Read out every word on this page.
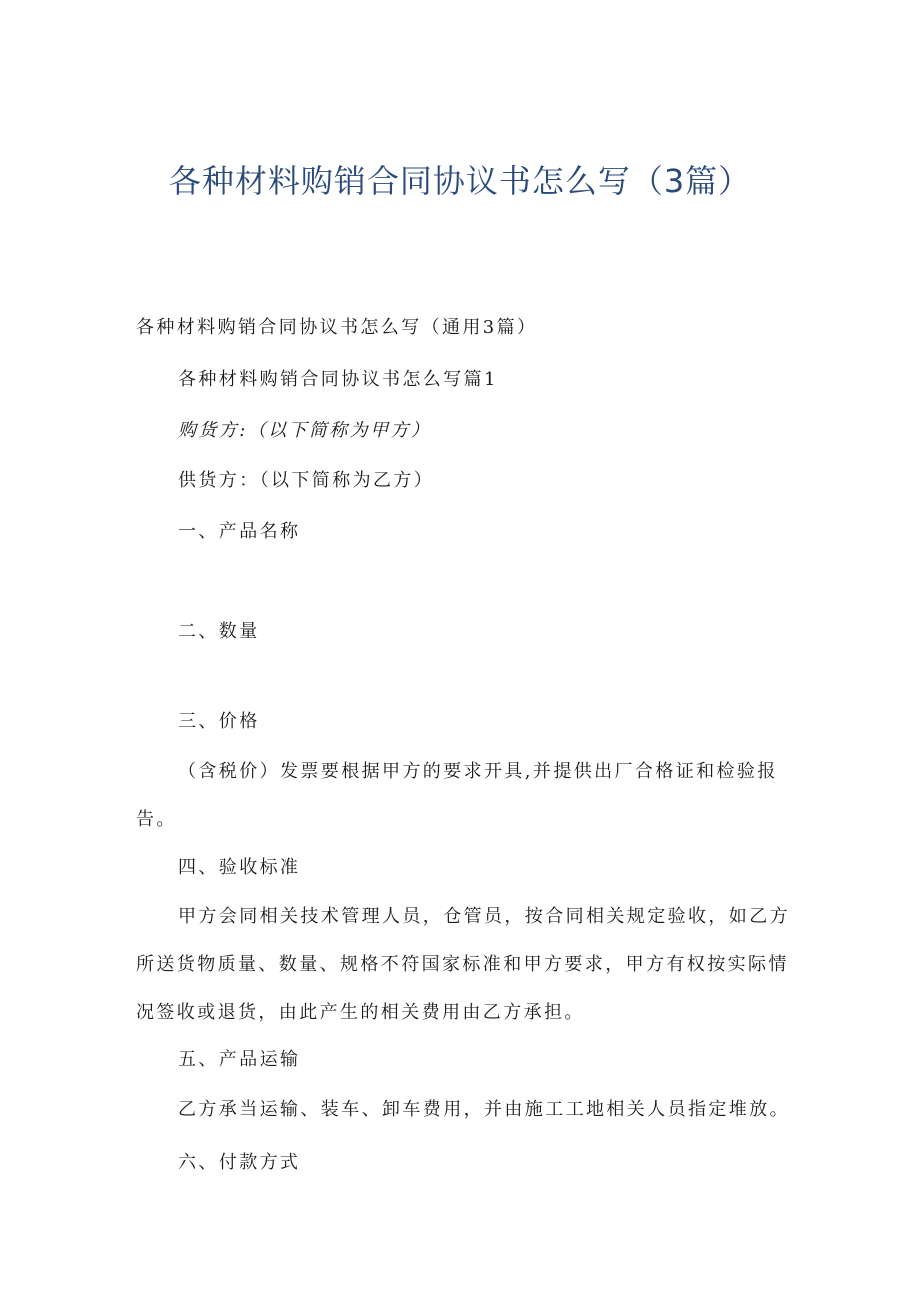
各种材料购销合同协议书怎么写（3篇）
各种材料购销合同协议书怎么写（通用3篇）
各种材料购销合同协议书怎么写篇1
购货方:（以下简称为甲方）
供货方：（以下简称为乙方）
一、产品名称
二、数量
三、价格
（含税价）发票要根据甲方的要求开具,并提供出厂合格证和检验报
告。
四、验收标准
甲方会同相关技术管理人员，仓管员，按合同相关规定验收，如乙方
所送货物质量、数量、规格不符国家标准和甲方要求，甲方有权按实际情
况签收或退货，由此产生的相关费用由乙方承担。
五、产品运输
乙方承当运输、装车、卸车费用，并由施工工地相关人员指定堆放。
六、付款方式
